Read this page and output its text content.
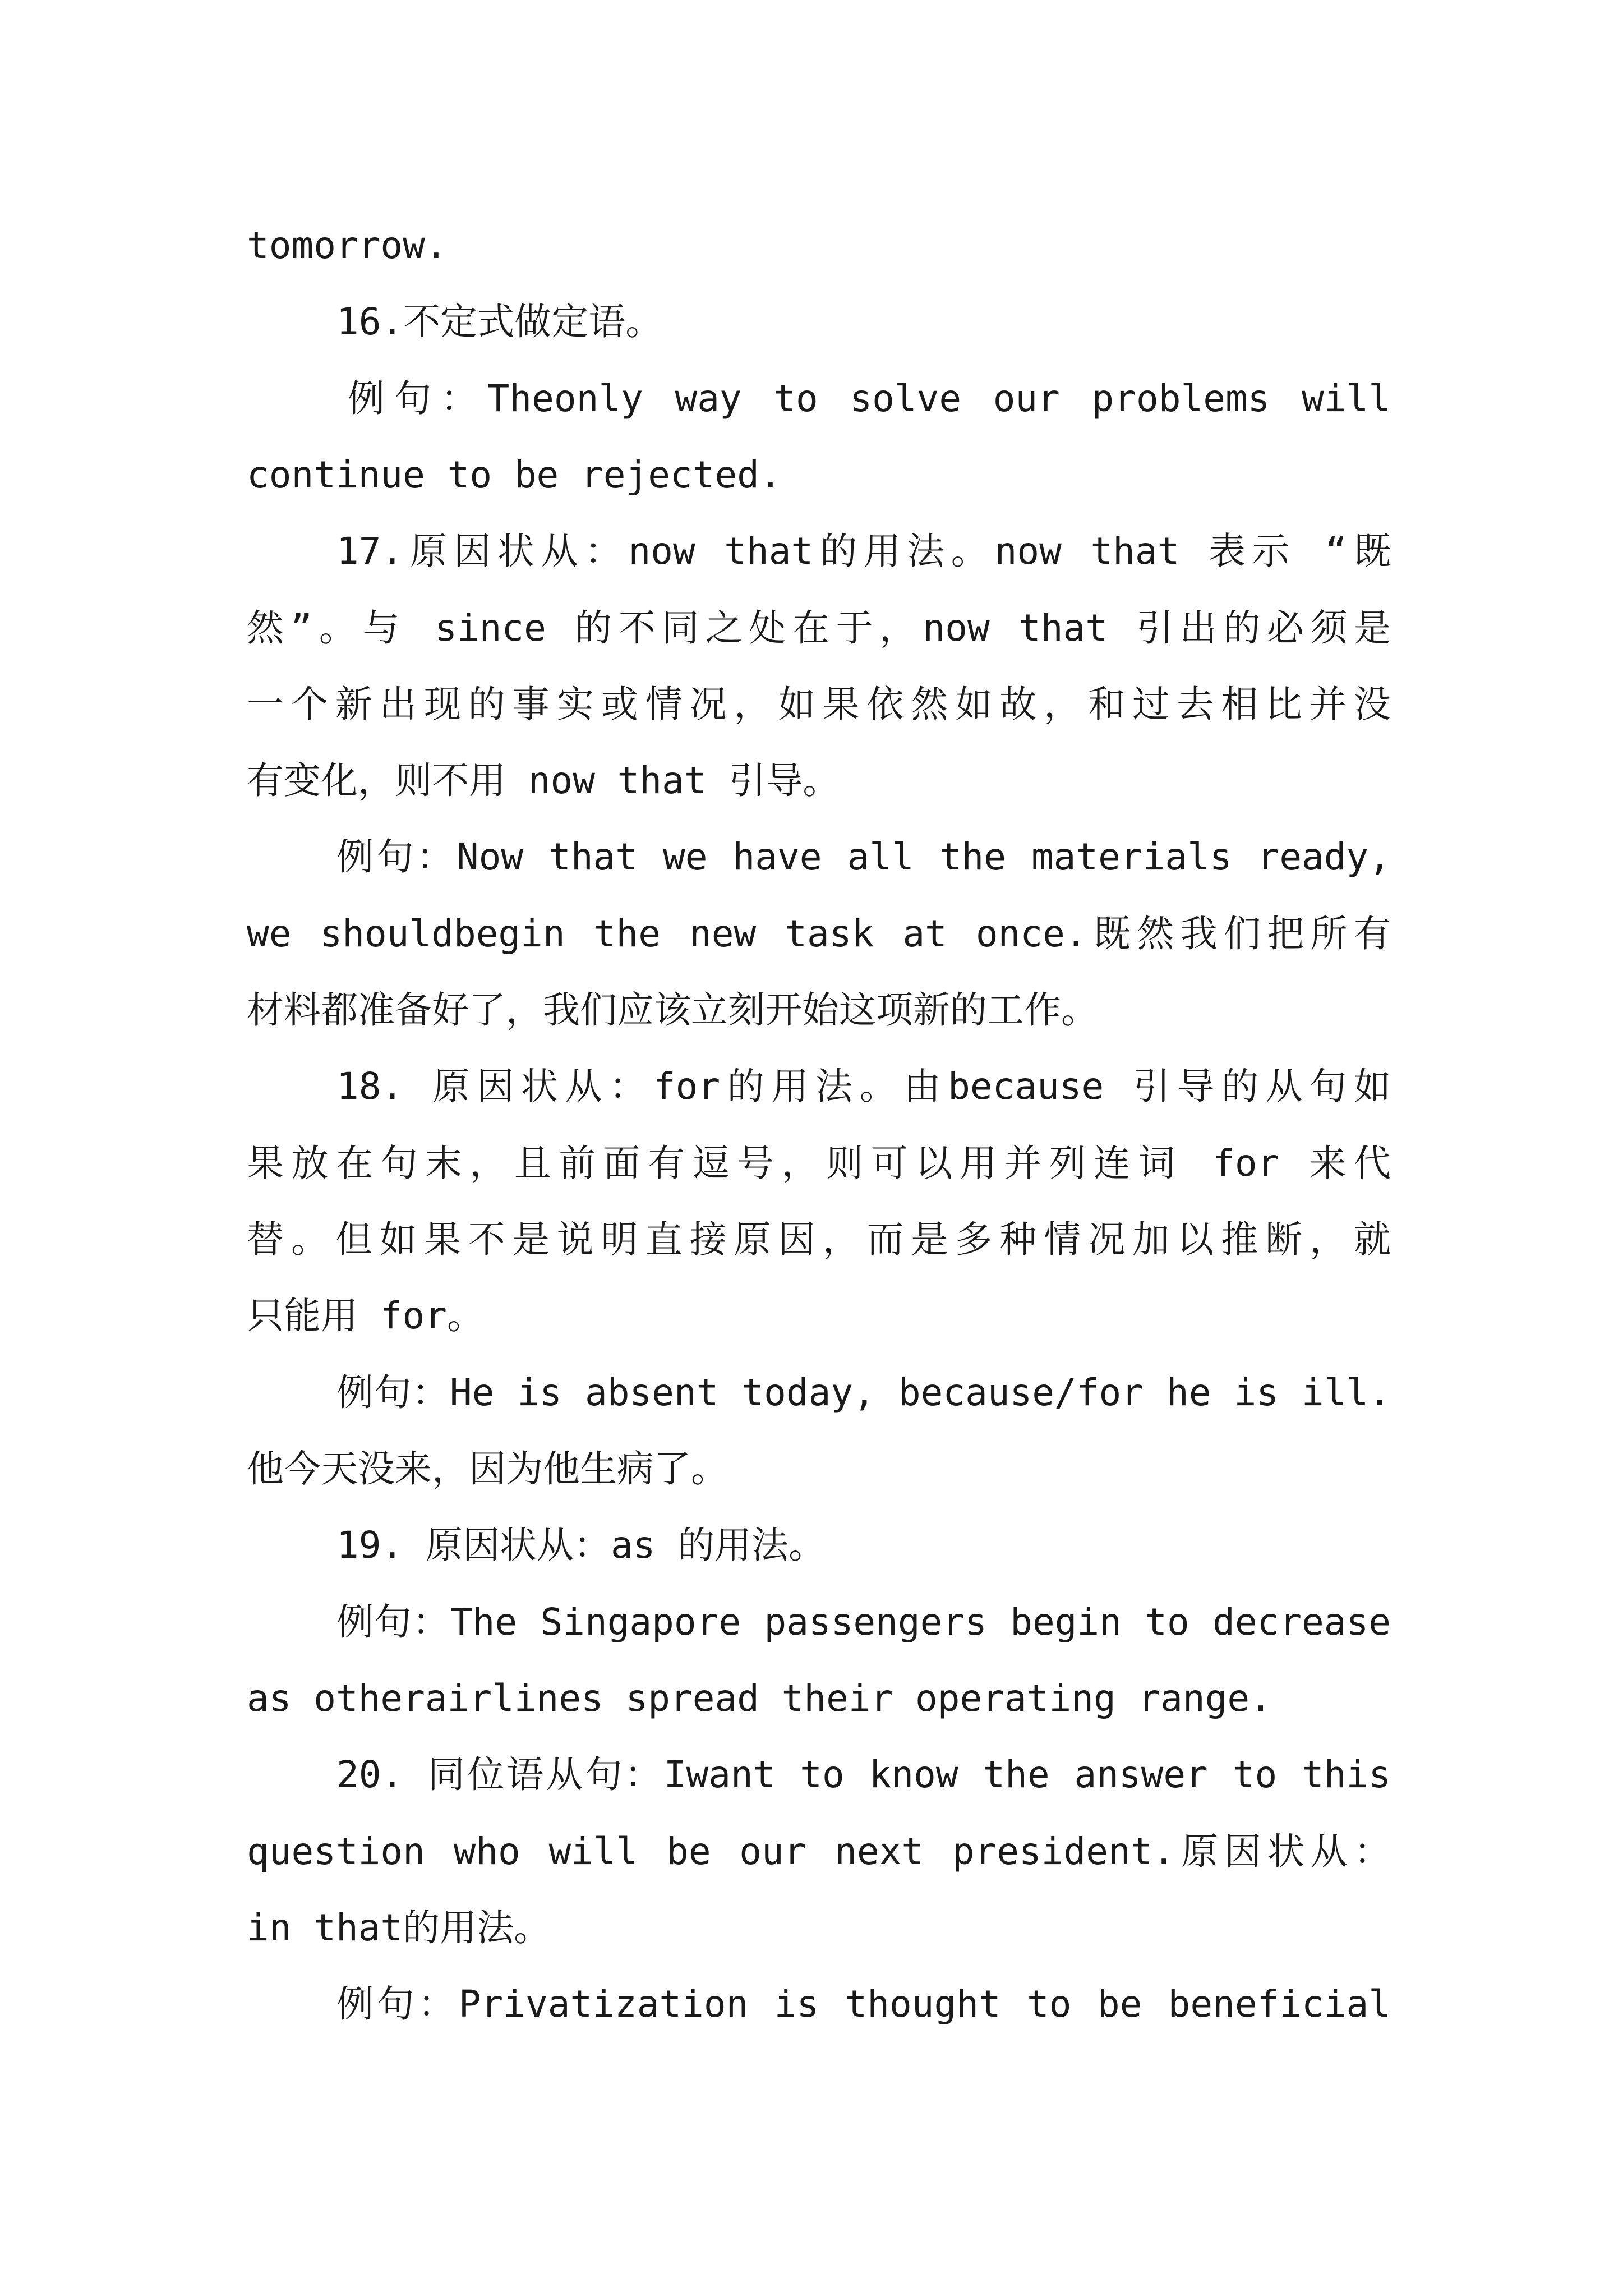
tomorrow.
16.不定式做定语。
例句：Theonly way to solve our problems will
continue to be rejected.
17.原因状从：now that的用法。now that 表示 “既
然”。与 since 的不同之处在于，now that 引出的必须是
一个新出现的事实或情况，如果依然如故，和过去相比并没
有变化，则不用 now that 引导。
例句：Now that we have all the materials ready,
we shouldbegin the new task at once.既然我们把所有
材料都准备好了，我们应该立刻开始这项新的工作。
18. 原因状从：for的用法。由because 引导的从句如
果放在句末，且前面有逗号，则可以用并列连词 for 来代
替。但如果不是说明直接原因，而是多种情况加以推断，就
只能用 for。
例句：He is absent today, because/for he is ill.
他今天没来，因为他生病了。
19. 原因状从：as 的用法。
例句：The Singapore passengers begin to decrease
as otherairlines spread their operating range.
20. 同位语从句：Iwant to know the answer to this
question who will be our next president.原因状从：
in that的用法。
例句：Privatization is thought to be beneficial
